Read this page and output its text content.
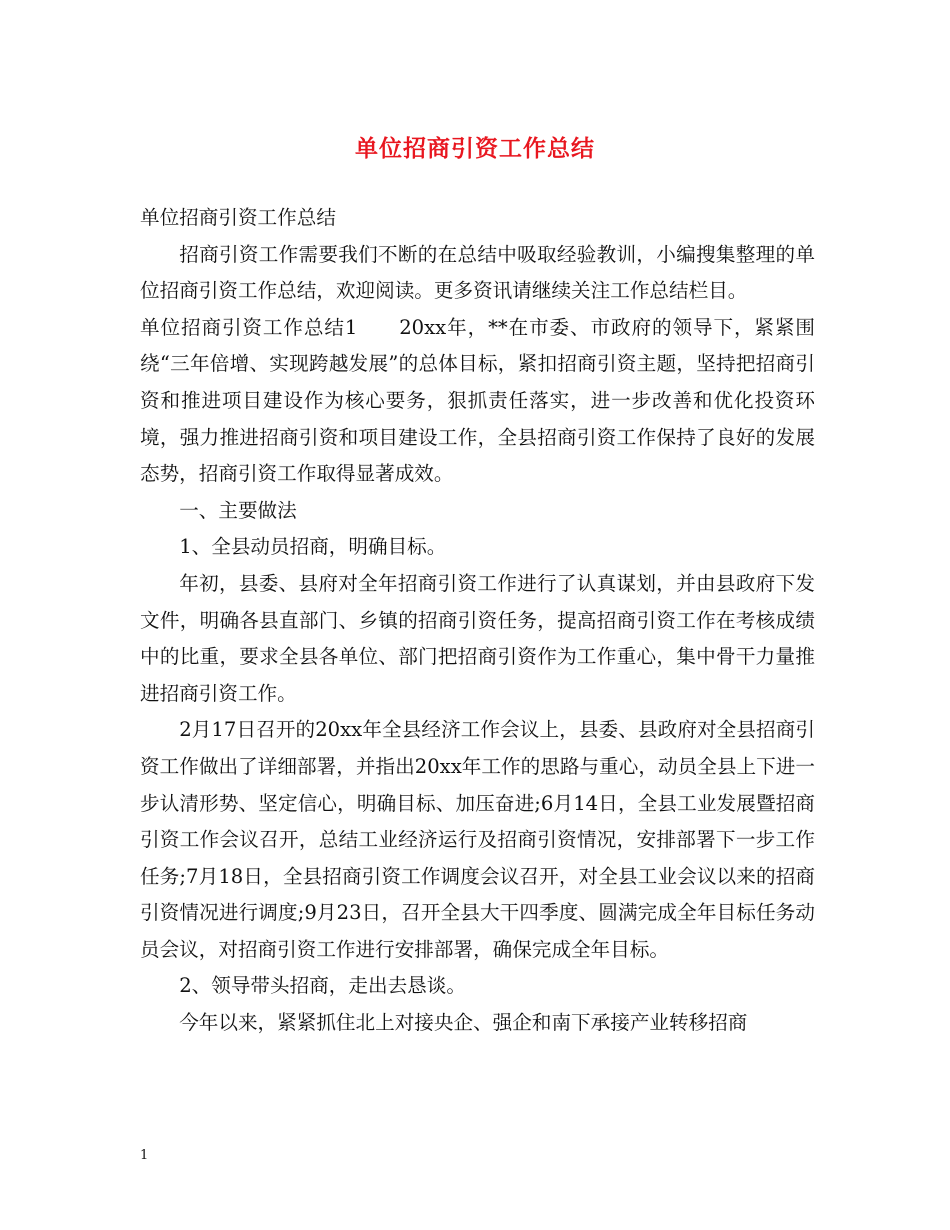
单位招商引资工作总结

单位招商引资工作总结

招商引资工作需要我们不断的在总结中吸取经验教训，小编搜集整理的单位招商引资工作总结，欢迎阅读。更多资讯请继续关注工作总结栏目。

单位招商引资工作总结1　　20xx年，**在市委、市政府的领导下，紧紧围绕“三年倍增、实现跨越发展”的总体目标，紧扣招商引资主题，坚持把招商引资和推进项目建设作为核心要务，狠抓责任落实，进一步改善和优化投资环境，强力推进招商引资和项目建设工作，全县招商引资工作保持了良好的发展态势，招商引资工作取得显著成效。

一、主要做法

1、全县动员招商，明确目标。

年初，县委、县府对全年招商引资工作进行了认真谋划，并由县政府下发文件，明确各县直部门、乡镇的招商引资任务，提高招商引资工作在考核成绩中的比重，要求全县各单位、部门把招商引资作为工作重心，集中骨干力量推进招商引资工作。

2月17日召开的20xx年全县经济工作会议上，县委、县政府对全县招商引资工作做出了详细部署，并指出20xx年工作的思路与重心，动员全县上下进一步认清形势、坚定信心，明确目标、加压奋进;6月14日，全县工业发展暨招商引资工作会议召开，总结工业经济运行及招商引资情况，安排部署下一步工作任务;7月18日，全县招商引资工作调度会议召开，对全县工业会议以来的招商引资情况进行调度;9月23日，召开全县大干四季度、圆满完成全年目标任务动员会议，对招商引资工作进行安排部署，确保完成全年目标。

2、领导带头招商，走出去恳谈。

今年以来，紧紧抓住北上对接央企、强企和南下承接产业转移招商

1
